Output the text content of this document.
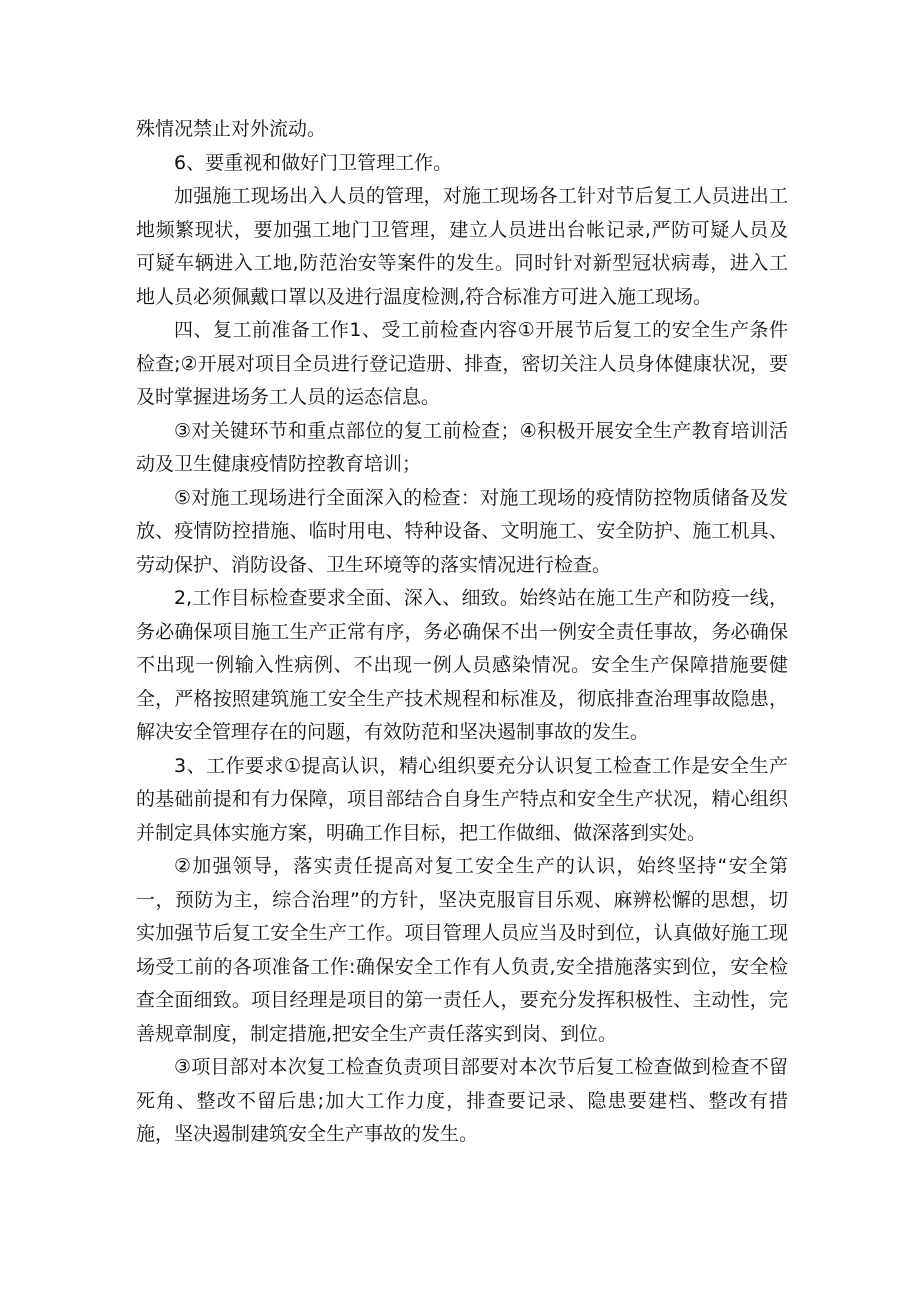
殊情况禁止对外流动。

6、要重视和做好门卫管理工作。

加强施工现场出入人员的管理，对施工现场各工针对节后复工人员进出工地频繁现状，要加强工地门卫管理，建立人员进出台帐记录,严防可疑人员及可疑车辆进入工地,防范治安等案件的发生。同时针对新型冠状病毒，进入工地人员必须佩戴口罩以及进行温度检测,符合标准方可进入施工现场。

四、复工前准备工作1、受工前检查内容①开展节后复工的安全生产条件检查;②开展对项目全员进行登记造册、排查，密切关注人员身体健康状况，要及时掌握进场务工人员的运态信息。

③对关键环节和重点部位的复工前检查；④积极开展安全生产教育培训活动及卫生健康疫情防控教育培训；

⑤对施工现场进行全面深入的检查：对施工现场的疫情防控物质储备及发放、疫情防控措施、临时用电、特种设备、文明施工、安全防护、施工机具、劳动保护、消防设备、卫生环境等的落实情况进行检查。

2,工作目标检查要求全面、深入、细致。始终站在施工生产和防疫一线，务必确保项目施工生产正常有序，务必确保不出一例安全责任事故，务必确保不出现一例输入性病例、不出现一例人员感染情况。安全生产保障措施要健全，严格按照建筑施工安全生产技术规程和标准及，彻底排查治理事故隐患，解决安全管理存在的问题，有效防范和坚决遏制事故的发生。

3、工作要求①提高认识，精心组织要充分认识复工检查工作是安全生产的基础前提和有力保障，项目部结合自身生产特点和安全生产状况，精心组织并制定具体实施方案，明确工作目标，把工作做细、做深落到实处。

②加强领导，落实责任提高对复工安全生产的认识，始终坚持“安全第一，预防为主，综合治理”的方针，坚决克服盲目乐观、麻辨松懈的思想，切实加强节后复工安全生产工作。项目管理人员应当及时到位，认真做好施工现场受工前的各项准备工作:确保安全工作有人负责,安全措施落实到位，安全检查全面细致。项目经理是项目的第一责任人，要充分发挥积极性、主动性，完善规章制度，制定措施,把安全生产责任落实到岗、到位。

③项目部对本次复工检查负责项目部要对本次节后复工检查做到检查不留死角、整改不留后患;加大工作力度，排查要记录、隐患要建档、整改有措施，坚决遏制建筑安全生产事故的发生。
